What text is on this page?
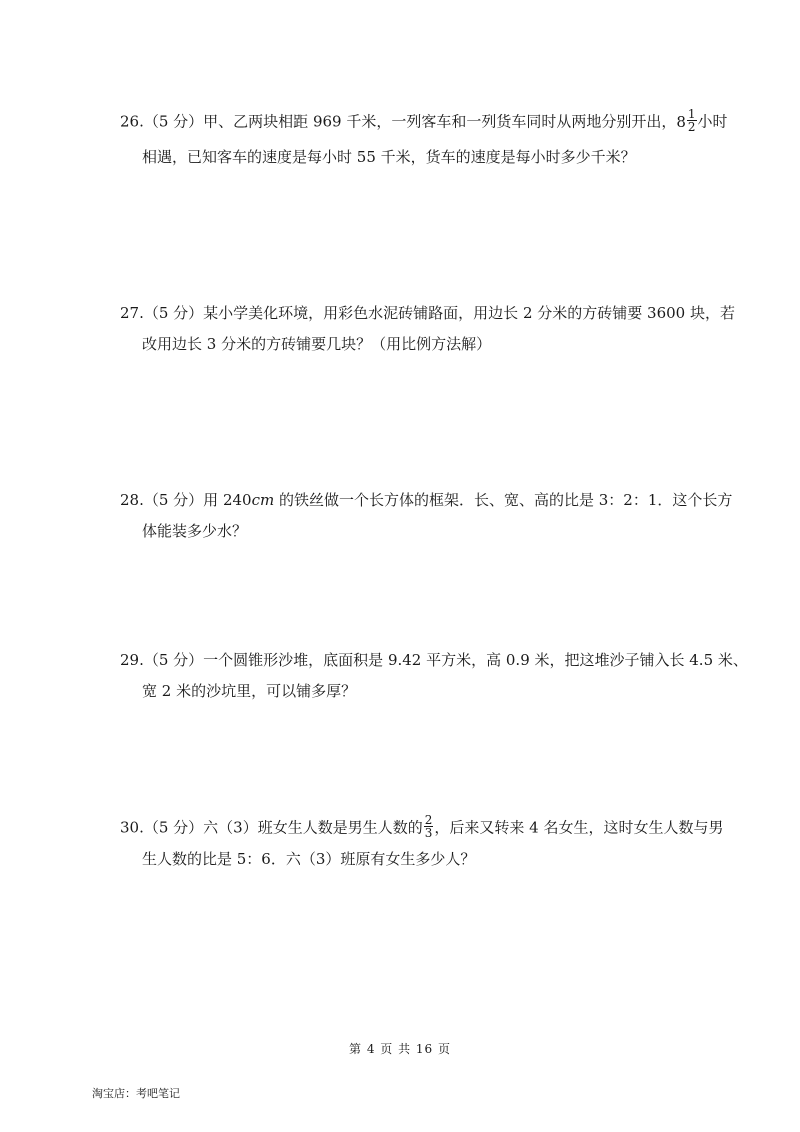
26.（5 分）甲、乙两块相距 969 千米，一列客车和一列货车同时从两地分别开出，$8 \frac{1}{2}$ 小时
相遇，已知客车的速度是每小时 55 千米，货车的速度是每小时多少千米？
27.（5 分）某小学美化环境，用彩色水泥砖铺路面，用边长 2 分米的方砖铺要 3600 块，若
改用边长 3 分米的方砖铺要几块？（用比例方法解）
28.（5 分）用 240cm 的铁丝做一个长方体的框架．长、宽、高的比是 3：2：1．这个长方
体能装多少水？
29.（5 分）一个圆锥形沙堆，底面积是 9.42 平方米，高 0.9 米，把这堆沙子铺入长 4.5 米、
宽 2 米的沙坑里，可以铺多厚？
30.（5 分）六（3）班女生人数是男生人数的 $\frac{2}{3}$ ，后来又转来 4 名女生，这时女生人数与男
生人数的比是 5：6．六（3）班原有女生多少人？
第 4 页 共 16 页
淘宝店：考吧笔记
